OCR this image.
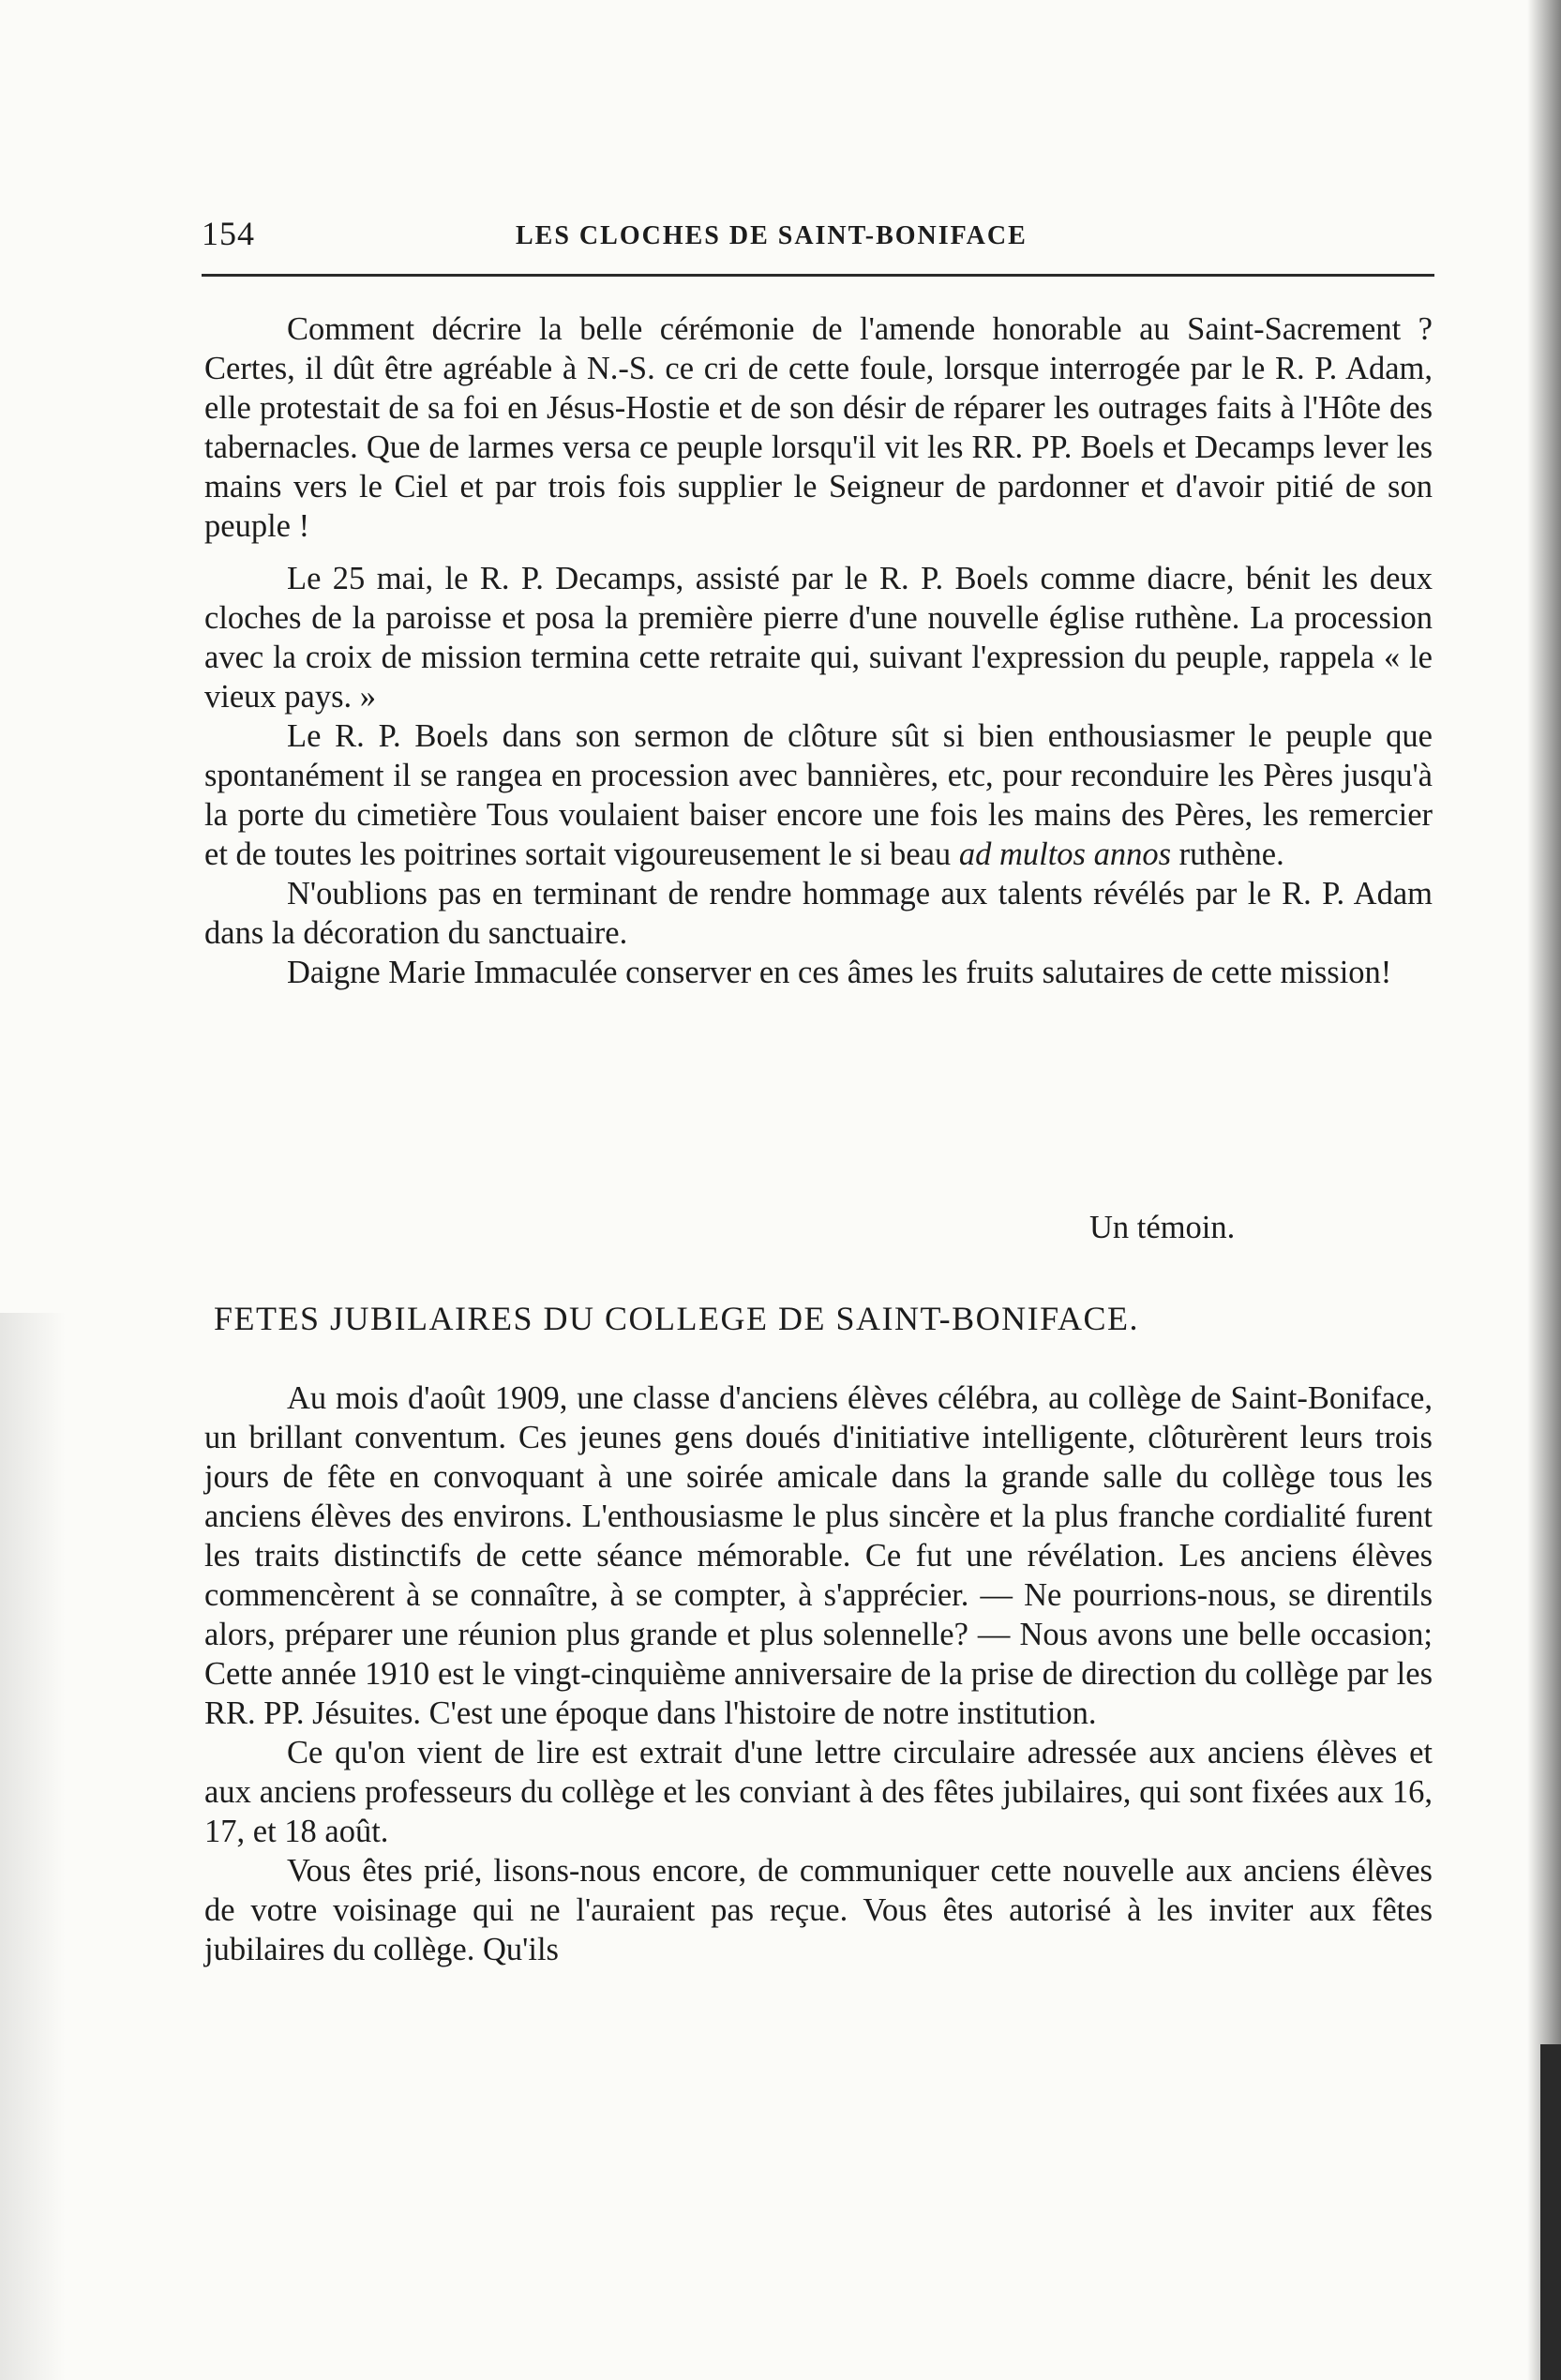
154	LES CLOCHES DE SAINT-BONIFACE

Comment décrire la belle cérémonie de l'amende honorable au Saint-Sacrement ? Certes, il dût être agréable à N.-S. ce cri de cette foule, lorsque interrogée par le R. P. Adam, elle protestait de sa foi en Jésus-Hostie et de son désir de réparer les outrages faits à l'Hôte des tabernacles. Que de larmes versa ce peuple lorsqu'il vit les RR. PP. Boels et Decamps lever les mains vers le Ciel et par trois fois supplier le Seigneur de pardonner et d'avoir pitié de son peuple !

Le 25 mai, le R. P. Decamps, assisté par le R. P. Boels comme diacre, bénit les deux cloches de la paroisse et posa la première pierre d'une nouvelle église ruthène. La procession avec la croix de mission termina cette retraite qui, suivant l'expression du peuple, rappela « le vieux pays. »

Le R. P. Boels dans son sermon de clôture sût si bien enthousiasmer le peuple que spontanément il se rangea en procession avec bannières, etc, pour reconduire les Pères jusqu'à la porte du cimetière Tous voulaient baiser encore une fois les mains des Pères, les remercier et de toutes les poitrines sortait vigoureusement le si beau ad multos annos ruthène.

N'oublions pas en terminant de rendre hommage aux talents révélés par le R. P. Adam dans la décoration du sanctuaire.

Daigne Marie Immaculée conserver en ces âmes les fruits salutaires de cette mission!

Un témoin.
FETES JUBILAIRES DU COLLEGE DE SAINT-BONIFACE.

Au mois d'août 1909, une classe d'anciens élèves célébra, au collège de Saint-Boniface, un brillant conventum. Ces jeunes gens doués d'initiative intelligente, clôturèrent leurs trois jours de fête en convoquant à une soirée amicale dans la grande salle du collège tous les anciens élèves des environs. L'enthousiasme le plus sincère et la plus franche cordialité furent les traits distinctifs de cette séance mémorable. Ce fut une révélation. Les anciens élèves commencèrent à se connaître, à se compter, à s'apprécier. — Ne pourrions-nous, se direntils alors, préparer une réunion plus grande et plus solennelle? — Nous avons une belle occasion; Cette année 1910 est le vingt-cinquième anniversaire de la prise de direction du collège par les RR. PP. Jésuites. C'est une époque dans l'histoire de notre institution.

Ce qu'on vient de lire est extrait d'une lettre circulaire adressée aux anciens élèves et aux anciens professeurs du collège et les conviant à des fêtes jubilaires, qui sont fixées aux 16, 17, et 18 août.

Vous êtes prié, lisons-nous encore, de communiquer cette nouvelle aux anciens élèves de votre voisinage qui ne l'auraient pas reçue. Vous êtes autorisé à les inviter aux fêtes jubilaires du collège. Qu'ils
